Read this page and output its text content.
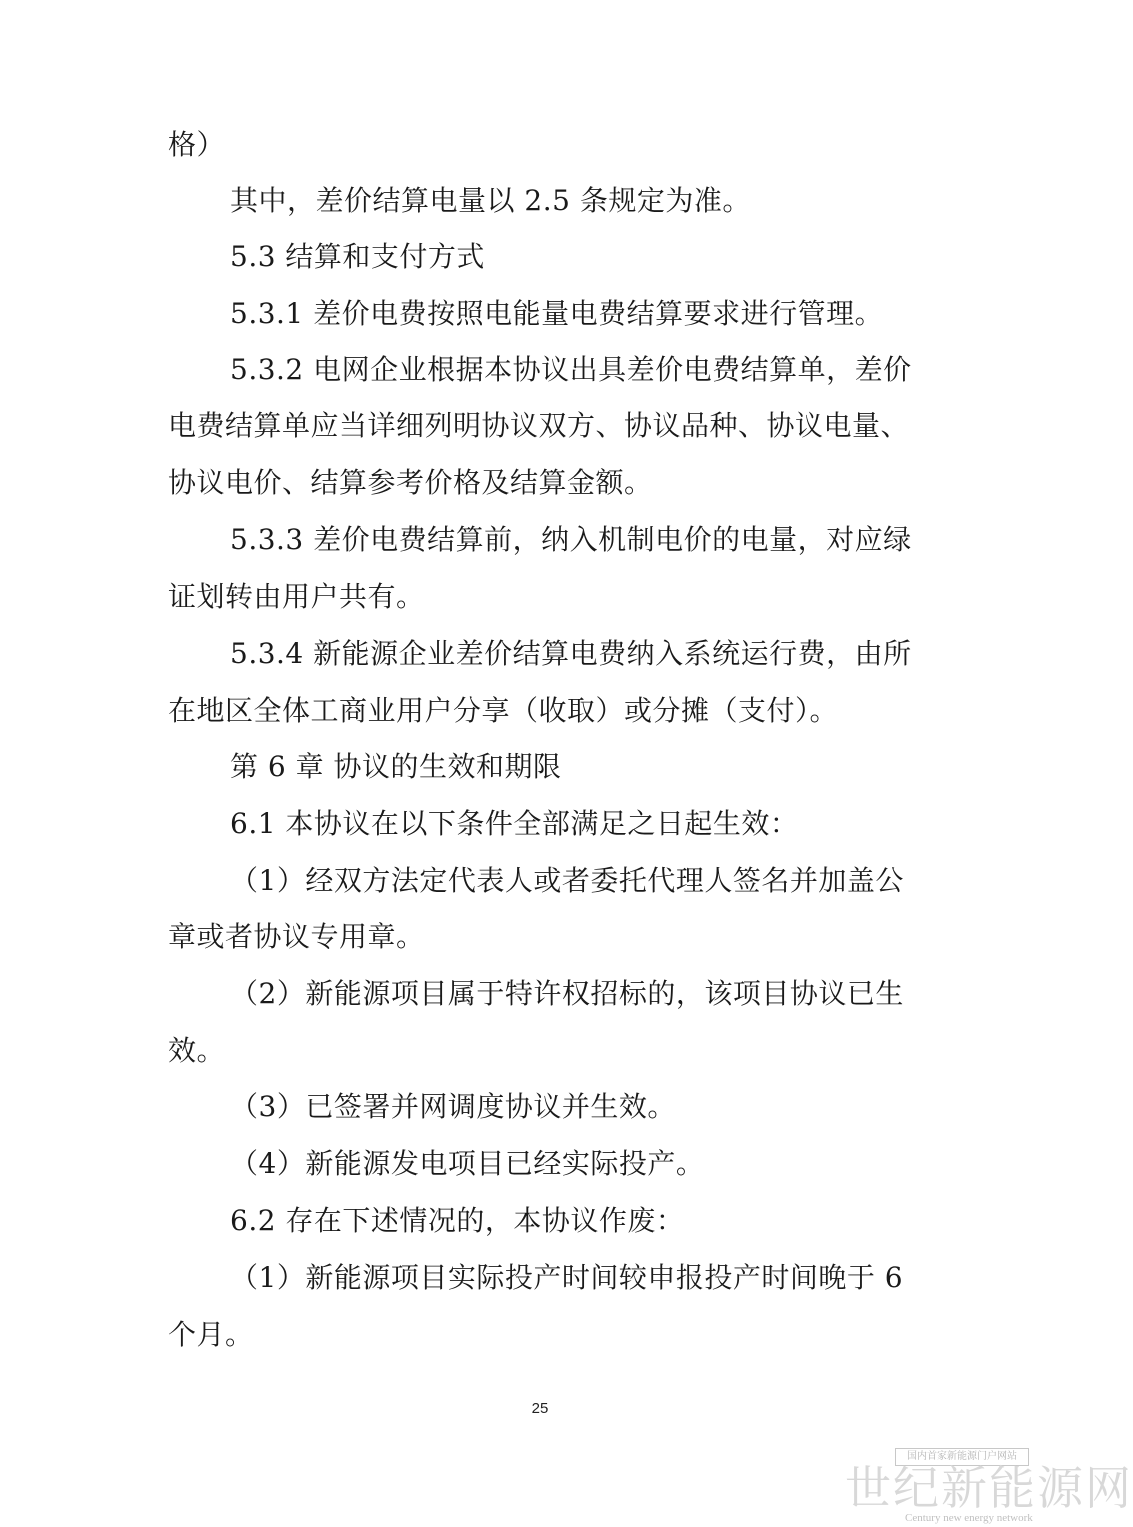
格）
其中，差价结算电量以 2.5 条规定为准。
5.3 结算和支付方式
5.3.1 差价电费按照电能量电费结算要求进行管理。
5.3.2 电网企业根据本协议出具差价电费结算单，差价
电费结算单应当详细列明协议双方、协议品种、协议电量、
协议电价、结算参考价格及结算金额。
5.3.3 差价电费结算前，纳入机制电价的电量，对应绿
证划转由用户共有。
5.3.4 新能源企业差价结算电费纳入系统运行费，由所
在地区全体工商业用户分享（收取）或分摊（支付）。
第 6 章 协议的生效和期限
6.1 本协议在以下条件全部满足之日起生效：
（1）经双方法定代表人或者委托代理人签名并加盖公
章或者协议专用章。
（2）新能源项目属于特许权招标的，该项目协议已生
效。
（3）已签署并网调度协议并生效。
（4）新能源发电项目已经实际投产。
6.2 存在下述情况的，本协议作废：
（1）新能源项目实际投产时间较申报投产时间晚于 6
个月。
25
国内首家新能源门户网站
世纪新能源网
Century new energy network
